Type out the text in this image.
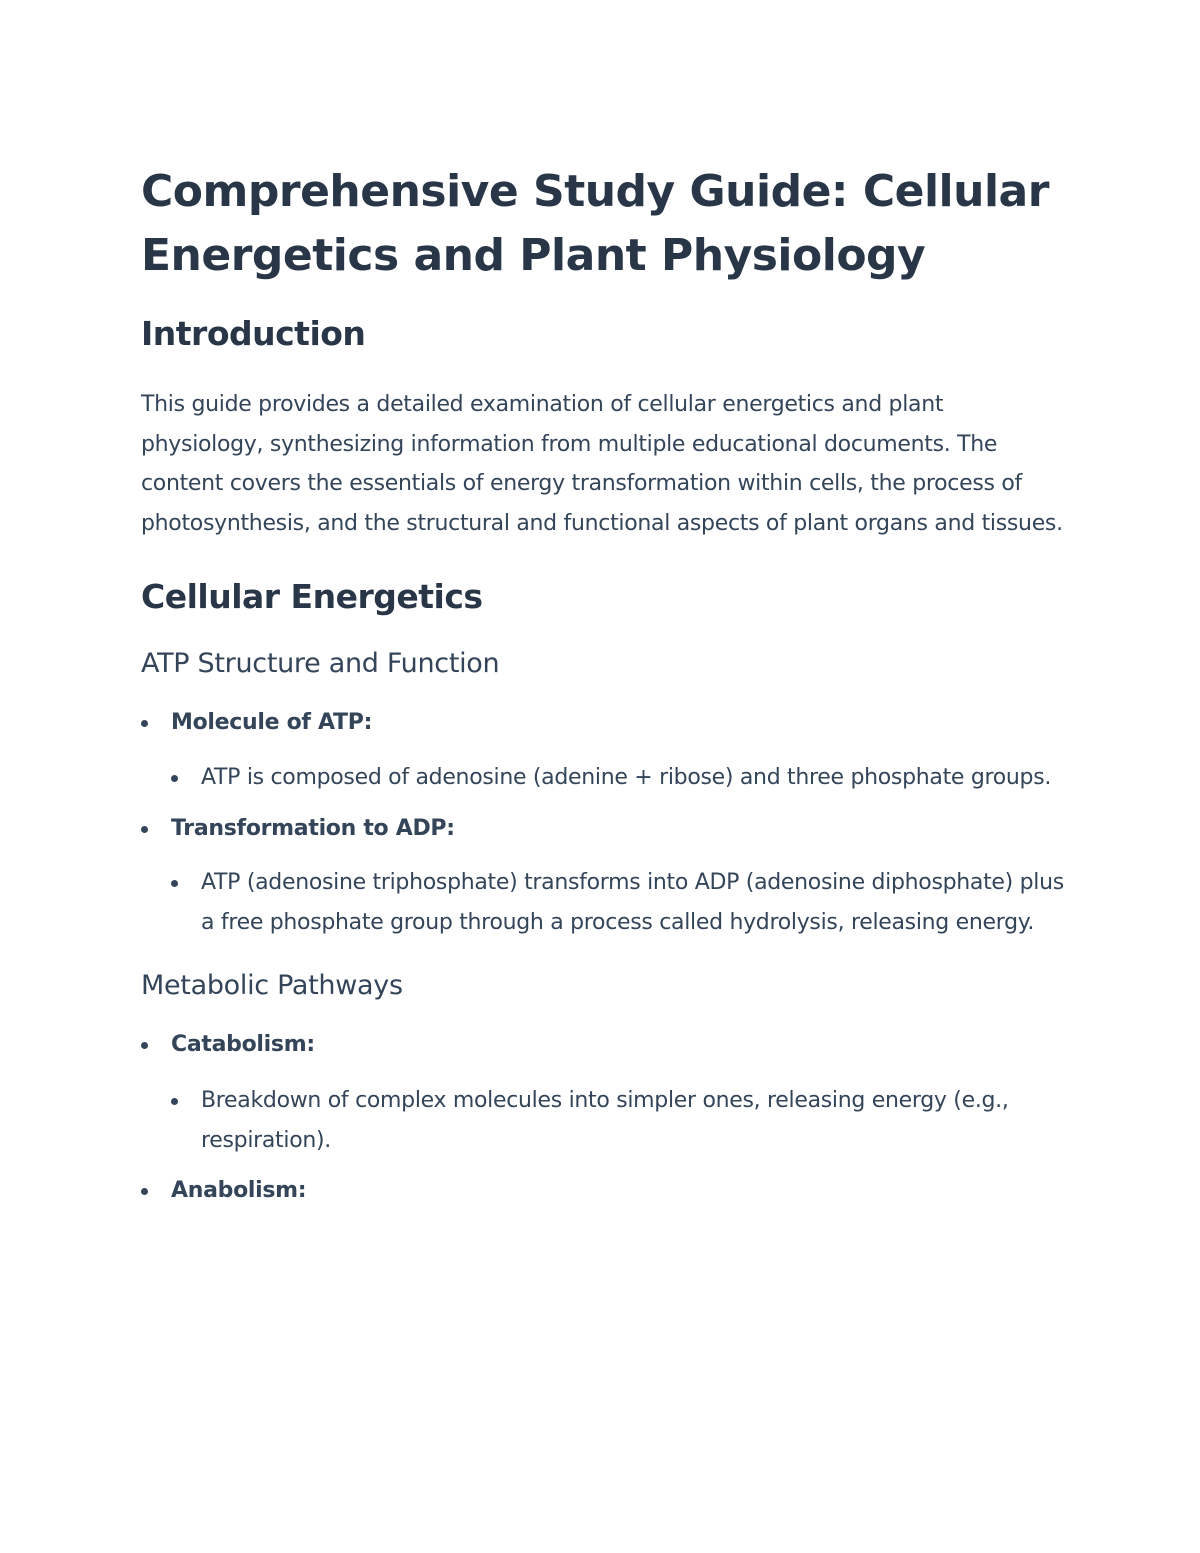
Comprehensive Study Guide: Cellular Energetics and Plant Physiology
Introduction

This guide provides a detailed examination of cellular energetics and plant physiology, synthesizing information from multiple educational documents. The content covers the essentials of energy transformation within cells, the process of photosynthesis, and the structural and functional aspects of plant organs and tissues.

Cellular Energetics
ATP Structure and Function
Molecule of ATP:
ATP is composed of adenosine (adenine + ribose) and three phosphate groups.
Transformation to ADP:
ATP (adenosine triphosphate) transforms into ADP (adenosine diphosphate) plus a free phosphate group through a process called hydrolysis, releasing energy.
Metabolic Pathways
Catabolism:
Breakdown of complex molecules into simpler ones, releasing energy (e.g., respiration).
Anabolism:
